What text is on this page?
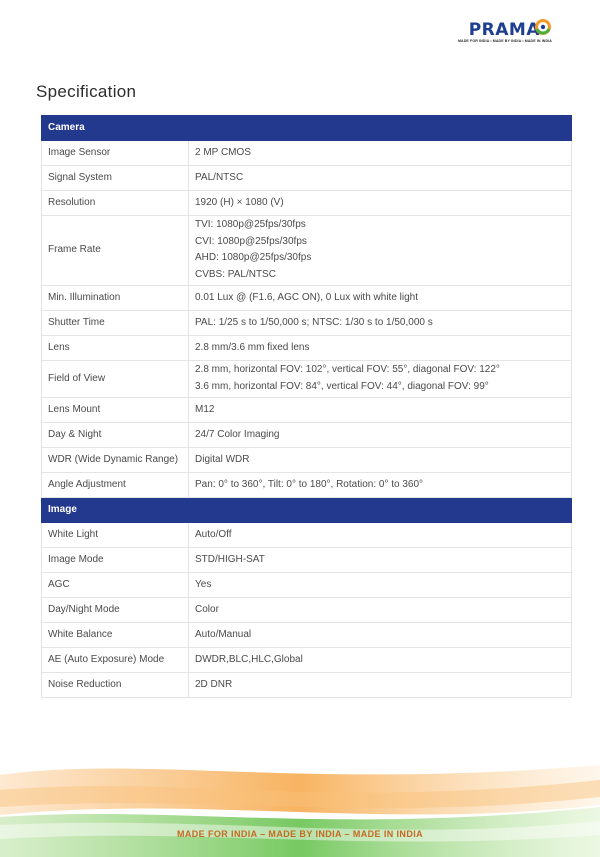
PRAMA
MADE FOR INDIA • MADE BY INDIA • MADE IN INDIA
Specification
Camera	
Image Sensor	2 MP CMOS

Signal System	PAL/NTSC

Resolution	1920 (H) × 1080 (V)

Frame Rate	TVI: 1080p@25fps/30fps
CVI: 1080p@25fps/30fps
AHD: 1080p@25fps/30fps
CVBS: PAL/NTSC

Min. Illumination	0.01 Lux @ (F1.6, AGC ON), 0 Lux with white light

Shutter Time	PAL: 1/25 s to 1/50,000 s; NTSC: 1/30 s to 1/50,000 s

Lens	2.8 mm/3.6 mm fixed lens

Field of View	2.8 mm, horizontal FOV: 102°, vertical FOV: 55°, diagonal FOV: 122°
3.6 mm, horizontal FOV: 84°, vertical FOV: 44°, diagonal FOV: 99°

Lens Mount	M12

Day & Night	24/7 Color Imaging

WDR (Wide Dynamic Range)	Digital WDR

Angle Adjustment	Pan: 0° to 360°, Tilt: 0° to 180°, Rotation: 0° to 360°

Image	
White Light	Auto/Off

Image Mode	STD/HIGH-SAT

AGC	Yes

Day/Night Mode	Color

White Balance	Auto/Manual

AE (Auto Exposure) Mode	DWDR,BLC,HLC,Global

Noise Reduction	2D DNR
MADE FOR INDIA – MADE BY INDIA – MADE IN INDIA
